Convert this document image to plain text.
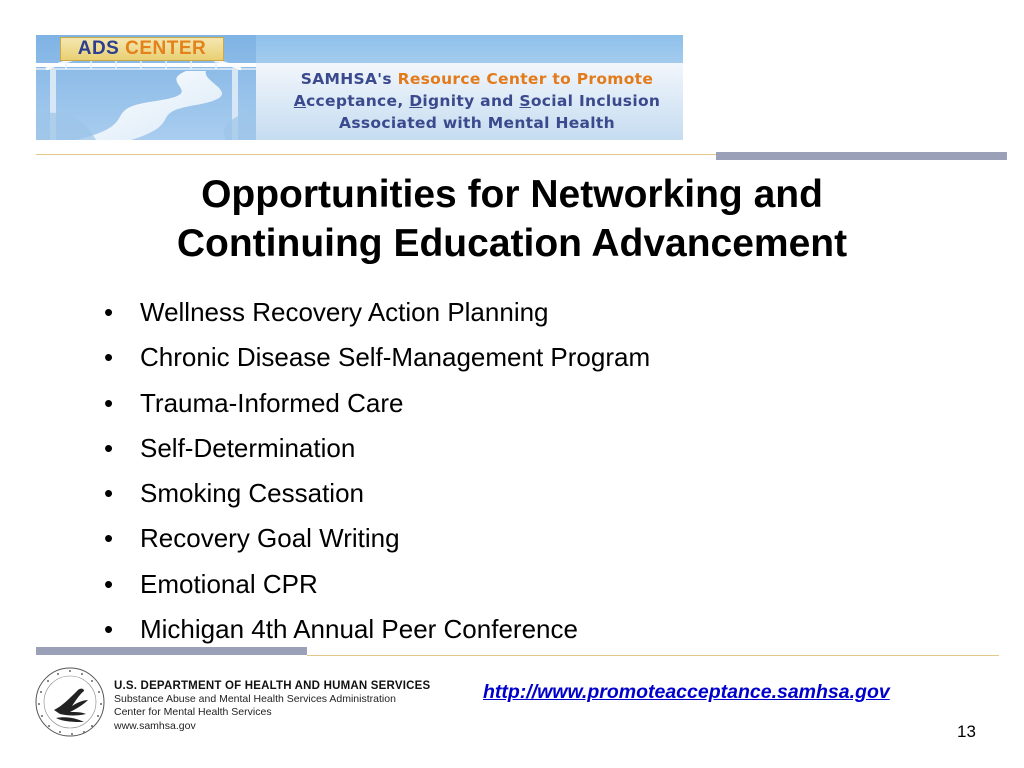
ADS CENTER
SAMHSA's Resource Center to Promote
Acceptance, Dignity and Social Inclusion
Associated with Mental Health
Opportunities for Networking and
Continuing Education Advancement
• Wellness Recovery Action Planning
• Chronic Disease Self-Management Program
• Trauma-Informed Care
• Self-Determination
• Smoking Cessation
• Recovery Goal Writing
• Emotional CPR
• Michigan 4th Annual Peer Conference
U.S. DEPARTMENT OF HEALTH AND HUMAN SERVICES
Substance Abuse and Mental Health Services Administration
Center for Mental Health Services
www.samhsa.gov
http://www.promoteacceptance.samhsa.gov
13
